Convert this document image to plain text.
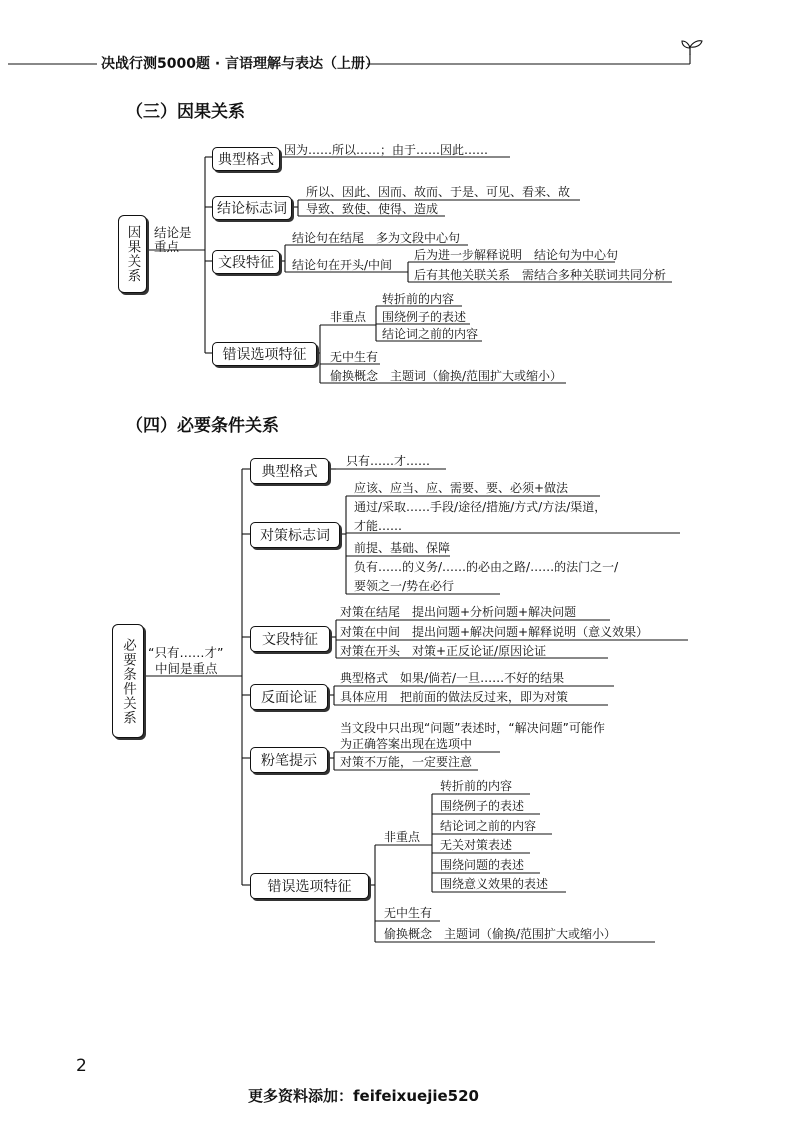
决战行测5000题 · 言语理解与表达（上册）
（三）因果关系
因果关系 结论是重点
典型格式
因为……所以……；由于……因此……
结论标志词
所以、因此、因而、故而、于是、可见、看来、故
导致、致使、使得、造成
文段特征
结论句在结尾　多为文段中心句
结论句在开头/中间
后为进一步解释说明　结论句为中心句
后有其他关联关系　需结合多种关联词共同分析
错误选项特征
非重点
转折前的内容
围绕例子的表述
结论词之前的内容
无中生有
偷换概念　主题词（偷换/范围扩大或缩小）
（四）必要条件关系
必要条件关系 “只有……才”
中间是重点
典型格式
只有……才……
对策标志词
应该、应当、应、需要、要、必须+做法
通过/采取……手段/途径/措施/方式/方法/渠道，
才能……
前提、基础、保障
负有……的义务/……的必由之路/……的法门之一/
要领之一/势在必行
文段特征
对策在结尾　提出问题+分析问题+解决问题
对策在中间　提出问题+解决问题+解释说明（意义效果）
对策在开头　对策+正反论证/原因论证
反面论证
典型格式　如果/倘若/一旦……不好的结果
具体应用　把前面的做法反过来，即为对策
粉笔提示
当文段中只出现“问题”表述时，“解决问题”可能作
为正确答案出现在选项中
对策不万能，一定要注意
错误选项特征
非重点
转折前的内容
围绕例子的表述
结论词之前的内容
无关对策表述
围绕问题的表述
围绕意义效果的表述
无中生有
偷换概念　主题词（偷换/范围扩大或缩小）
2
更多资料添加：feifeixuejie520
